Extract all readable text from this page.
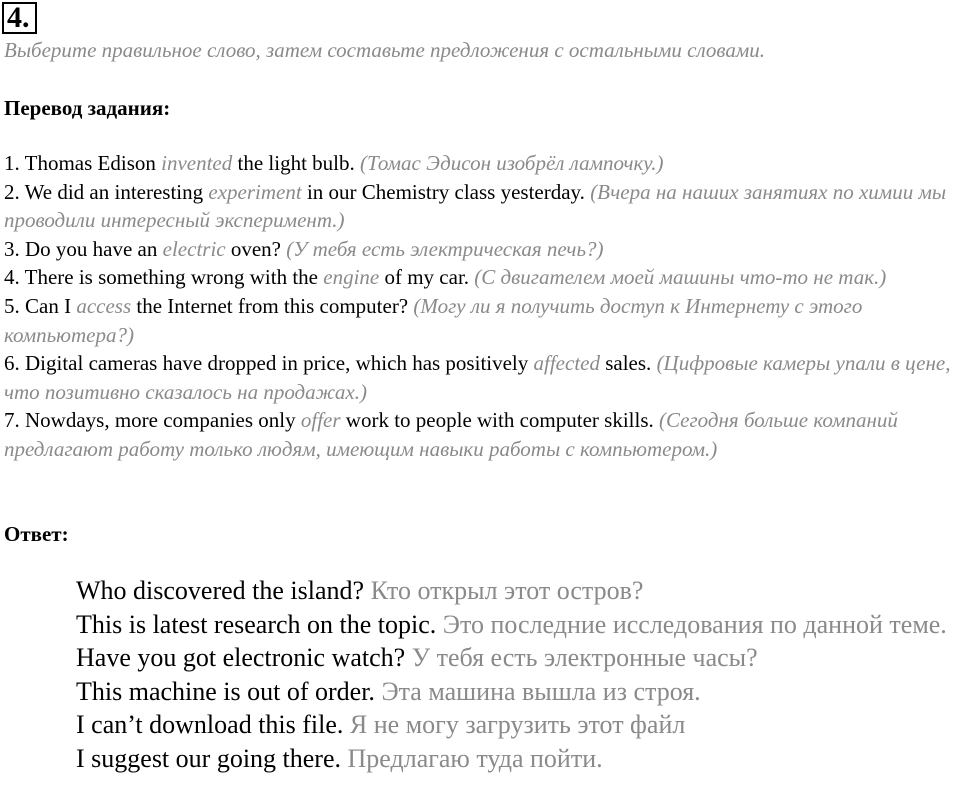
4.
Выберите правильное слово, затем составьте предложения с остальными словами.
Перевод задания:
1. Thomas Edison invented the light bulb. (Томас Эдисон изобрёл лампочку.)
2. We did an interesting experiment in our Chemistry class yesterday. (Вчера на наших занятиях по химии мы проводили интересный эксперимент.)
3. Do you have an electric oven? (У тебя есть электрическая печь?)
4. There is something wrong with the engine of my car. (С двигателем моей машины что-то не так.)
5. Can I access the Internet from this computer? (Могу ли я получить доступ к Интернету с этого компьютера?)
6. Digital cameras have dropped in price, which has positively affected sales. (Цифровые камеры упали в цене, что позитивно сказалось на продажах.)
7. Nowdays, more companies only offer work to people with computer skills. (Сегодня больше компаний предлагают работу только людям, имеющим навыки работы с компьютером.)
Ответ:
Who discovered the island? Кто открыл этот остров?
This is latest research on the topic. Это последние исследования по данной теме.
Have you got electronic watch? У тебя есть электронные часы?
This machine is out of order. Эта машина вышла из строя.
I can’t download this file. Я не могу загрузить этот файл
I suggest our going there. Предлагаю туда пойти.
